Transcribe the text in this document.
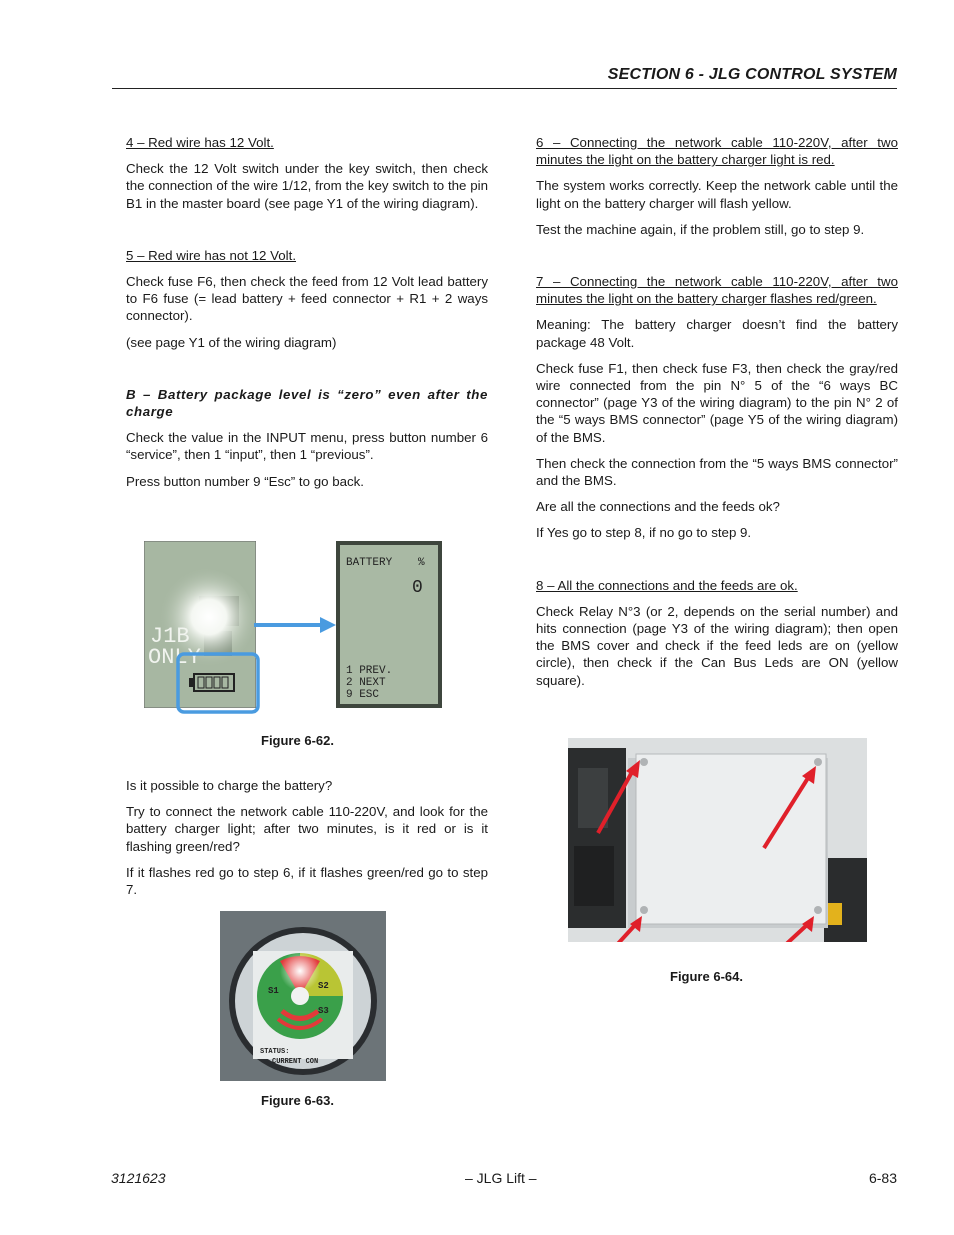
SECTION 6 - JLG CONTROL SYSTEM

4 – Red wire has 12 Volt.

Check the 12 Volt switch under the key switch, then check the connection of the wire 1/12, from the key switch to the pin B1 in the master board (see page Y1 of the wiring diagram).

5 – Red wire has not 12 Volt.

Check fuse F6, then check the feed from 12 Volt lead battery to F6 fuse (= lead battery + feed connector + R1 + 2 ways connector).

(see page Y1 of the wiring diagram)

B – Battery package level is “zero” even after the charge

Check the value in the INPUT menu, press button number 6 “service”, then 1 “input”, then 1 “previous”.

Press button number 9 “Esc” to go back.

J1B
ONLY
BATTERY %
0
1 PREV.
2 NEXT
9 ESC
Figure 6-62.

Is it possible to charge the battery?

Try to connect the network cable 110-220V, and look for the battery charger light; after two minutes, is it red or is it flashing green/red?

If it flashes red go to step 6, if it flashes green/red go to step 7.

S2
S3
S1
STATUS:
CURRENT CON
Figure 6-63.

6 – Connecting the network cable 110-220V, after two minutes the light on the battery charger light is red.

The system works correctly. Keep the network cable until the light on the battery charger will flash yellow.

Test the machine again, if the problem still, go to step 9.

7 – Connecting the network cable 110-220V, after two minutes the light on the battery charger flashes red/green.

Meaning: The battery charger doesn’t find the battery package 48 Volt.

Check fuse F1, then check fuse F3, then check the gray/red wire connected from the pin N° 5 of the “6 ways BC connector” (page Y3 of the wiring diagram) to the pin N° 2 of the “5 ways BMS connector” (page Y5 of the wiring diagram) of the BMS.

Then check the connection from the “5 ways BMS connector” and the BMS.

Are all the connections and the feeds ok?

If Yes go to step 8, if no go to step 9.

8 – All the connections and the feeds are ok.

Check Relay N°3 (or 2, depends on the serial number) and hits connection (page Y3 of the wiring diagram); then open the BMS cover and check if the feed leds are on (yellow circle), then check if the Can Bus Leds are ON (yellow square).

Figure 6-64.
3121623	– JLG Lift –	6-83
